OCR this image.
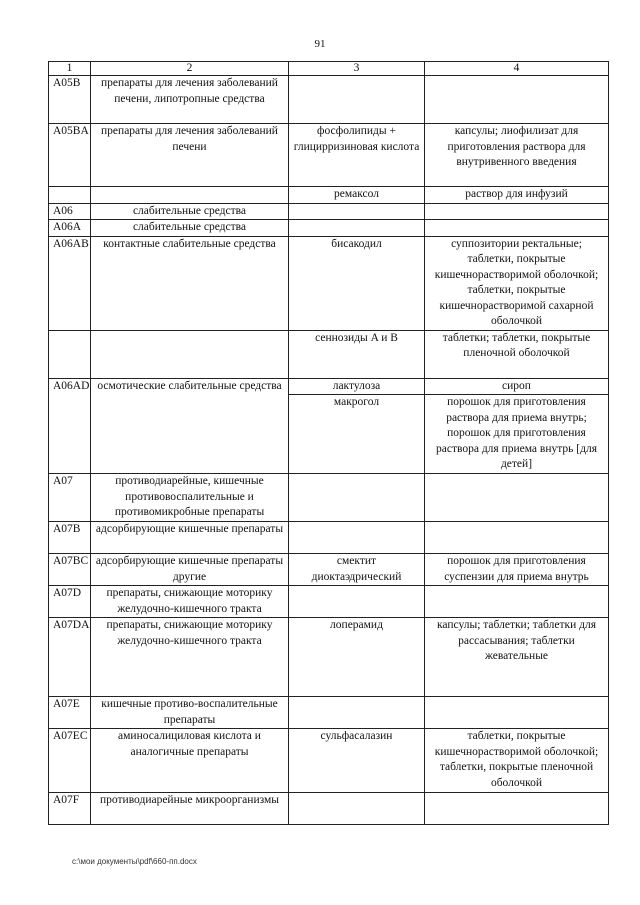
91
1	2	3	4
A05B	препараты для лечения заболеваний печени, липотропные средства		
A05BA	препараты для лечения заболеваний печени	фосфолипиды + глицирризиновая кислота	капсулы; лиофилизат для приготовления раствора для внутривенного введения
		ремаксол	раствор для инфузий
A06	слабительные средства		
A06A	слабительные средства		
A06AB	контактные слабительные средства	бисакодил	суппозитории ректальные; таблетки, покрытые кишечнорастворимой оболочкой; таблетки, покрытые кишечнорастворимой сахарной оболочкой
		сеннозиды A и B	таблетки; таблетки, покрытые пленочной оболочкой
A06AD	осмотические слабительные средства	лактулоза	сироп
		макрогол	порошок для приготовления раствора для приема внутрь; порошок для приготовления раствора для приема внутрь [для детей]
A07	противодиарейные, кишечные противовоспалительные и противомикробные препараты		
A07B	адсорбирующие кишечные препараты		
A07BC	адсорбирующие кишечные препараты другие	смектит диоктаэдрический	порошок для приготовления суспензии для приема внутрь
A07D	препараты, снижающие моторику желудочно-кишечного тракта		
A07DA	препараты, снижающие моторику желудочно-кишечного тракта	лоперамид	капсулы; таблетки; таблетки для рассасывания; таблетки жевательные
A07E	кишечные противо-воспалительные препараты		
A07EC	аминосалициловая кислота и аналогичные препараты	сульфасалазин	таблетки, покрытые кишечнорастворимой оболочкой; таблетки, покрытые пленочной оболочкой
A07F	противодиарейные микроорганизмы		
c:\мои документы\pdf\660-пп.docx
